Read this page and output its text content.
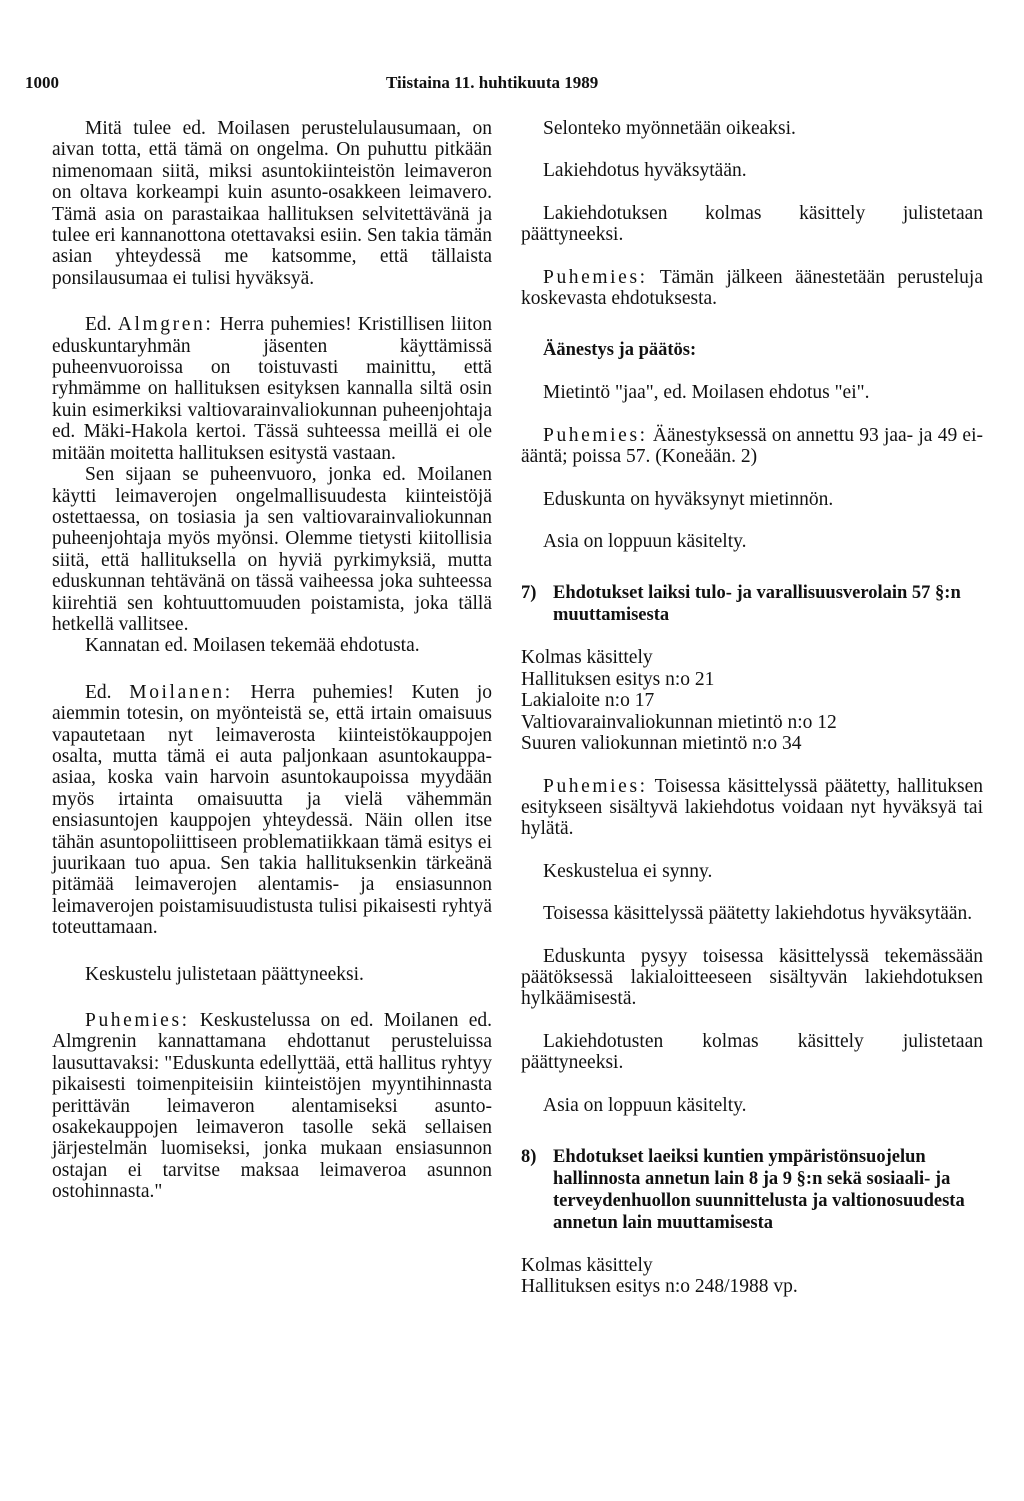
1000	Tiistaina 11. huhtikuuta 1989

Mitä tulee ed. Moilasen perustelulausumaan, on aivan totta, että tämä on ongelma. On puhuttu pitkään nimenomaan siitä, miksi asuntokiinteistön leimaveron on oltava korkeampi kuin asunto-osakkeen leimavero. Tämä asia on parastaikaa hallituksen selvitettävänä ja tulee eri kannanottona otettavaksi esiin. Sen takia tämän asian yhteydessä me katsomme, että tällaista ponsilausumaa ei tulisi hyväksyä.

Ed. Almgren: Herra puhemies! Kristillisen liiton eduskuntaryhmän jäsenten käyttämissä puheenvuoroissa on toistuvasti mainittu, että ryhmämme on hallituksen esityksen kannalla siltä osin kuin esimerkiksi valtiovarainvaliokunnan puheenjohtaja ed. Mäki-Hakola kertoi. Tässä suhteessa meillä ei ole mitään moitetta hallituksen esitystä vastaan.

Sen sijaan se puheenvuoro, jonka ed. Moilanen käytti leimaverojen ongelmallisuudesta kiinteistöjä ostettaessa, on tosiasia ja sen valtiovarainvaliokunnan puheenjohtaja myös myönsi. Olemme tietysti kiitollisia siitä, että hallituksella on hyviä pyrkimyksiä, mutta eduskunnan tehtävänä on tässä vaiheessa joka suhteessa kiirehtiä sen kohtuuttomuuden poistamista, joka tällä hetkellä vallitsee.

Kannatan ed. Moilasen tekemää ehdotusta.

Ed. Moilanen: Herra puhemies! Kuten jo aiemmin totesin, on myönteistä se, että irtain omaisuus vapautetaan nyt leimaverosta kiinteistökauppojen osalta, mutta tämä ei auta paljonkaan asuntokauppa-asiaa, koska vain harvoin asuntokaupoissa myydään myös irtainta omaisuutta ja vielä vähemmän ensiasuntojen kauppojen yhteydessä. Näin ollen itse tähän asuntopoliittiseen problematiikkaan tämä esitys ei juurikaan tuo apua. Sen takia hallituksenkin tärkeänä pitämää leimaverojen alentamis- ja ensiasunnon leimaverojen poistamisuudistusta tulisi pikaisesti ryhtyä toteuttamaan.

Keskustelu julistetaan päättyneeksi.

Puhemies: Keskustelussa on ed. Moilanen ed. Almgrenin kannattamana ehdottanut perusteluissa lausuttavaksi: "Eduskunta edellyttää, että hallitus ryhtyy pikaisesti toimenpiteisiin kiinteistöjen myyntihinnasta perittävän leimaveron alentamiseksi asunto-osakekauppojen leimaveron tasolle sekä sellaisen järjestelmän luomiseksi, jonka mukaan ensiasunnon ostajan ei tarvitse maksaa leimaveroa asunnon ostohinnasta."

Selonteko myönnetään oikeaksi.

Lakiehdotus hyväksytään.

Lakiehdotuksen kolmas käsittely julistetaan päättyneeksi.

Puhemies: Tämän jälkeen äänestetään perusteluja koskevasta ehdotuksesta.

Äänestys ja päätös:

Mietintö "jaa", ed. Moilasen ehdotus "ei".

Puhemies: Äänestyksessä on annettu 93 jaa- ja 49 ei-ääntä; poissa 57. (Koneään. 2)

Eduskunta on hyväksynyt mietinnön.

Asia on loppuun käsitelty.

7) Ehdotukset laiksi tulo- ja varallisuusverolain 57 §:n muuttamisesta
Kolmas käsittely
Hallituksen esitys n:o 21
Lakialoite n:o 17
Valtiovarainvaliokunnan mietintö n:o 12
Suuren valiokunnan mietintö n:o 34

Puhemies: Toisessa käsittelyssä päätetty, hallituksen esitykseen sisältyvä lakiehdotus voidaan nyt hyväksyä tai hylätä.

Keskustelua ei synny.

Toisessa käsittelyssä päätetty lakiehdotus hyväksytään.

Eduskunta pysyy toisessa käsittelyssä tekemässään päätöksessä lakialoitteeseen sisältyvän lakiehdotuksen hylkäämisestä.

Lakiehdotusten kolmas käsittely julistetaan päättyneeksi.

Asia on loppuun käsitelty.

8) Ehdotukset laeiksi kuntien ympäristönsuojelun hallinnosta annetun lain 8 ja 9 §:n sekä sosiaali- ja terveydenhuollon suunnittelusta ja valtionosuudesta annetun lain muuttamisesta
Kolmas käsittely
Hallituksen esitys n:o 248/1988 vp.
